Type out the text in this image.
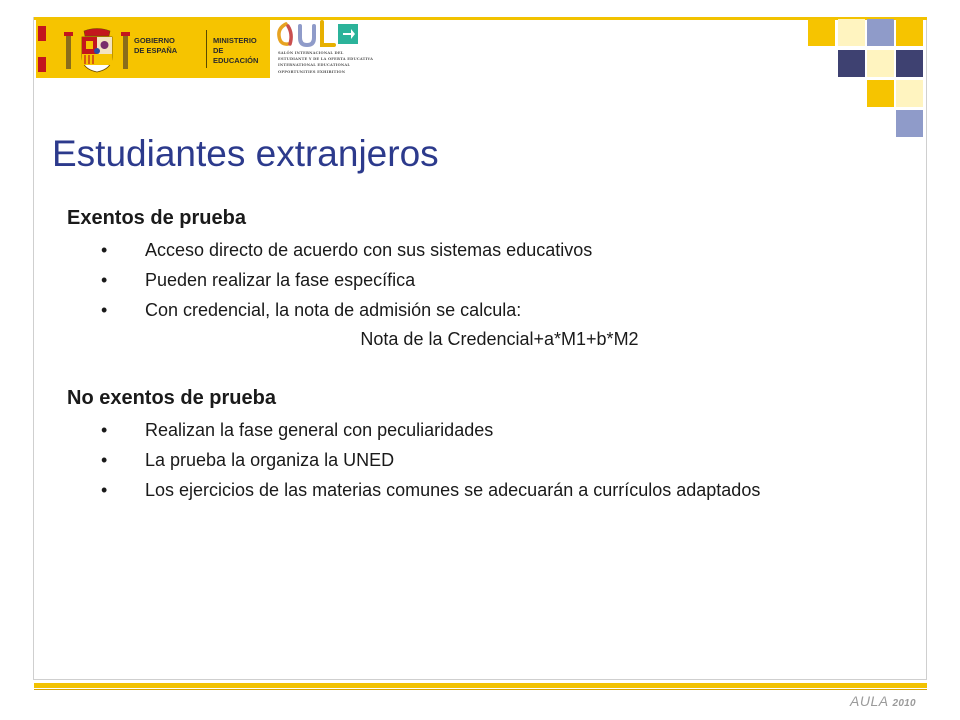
GOBIERNO
DE ESPAÑA
MINISTERIO
DE EDUCACIÓN
SALÓN INTERNACIONAL DEL
ESTUDIANTE Y DE LA OFERTA EDUCATIVA
INTERNATIONAL EDUCATIONAL
OPPORTUNITIES EXHIBITION
Estudiantes extranjeros
Exentos de prueba
• Acceso directo de acuerdo con sus sistemas educativos
• Pueden realizar la fase específica
• Con credencial, la nota de admisión se calcula:
Nota de la Credencial+a*M1+b*M2
No exentos de prueba
• Realizan la fase general con peculiaridades
• La prueba la organiza la UNED
• Los ejercicios de las materias comunes se adecuarán a currículos adaptados
AULA 2010
